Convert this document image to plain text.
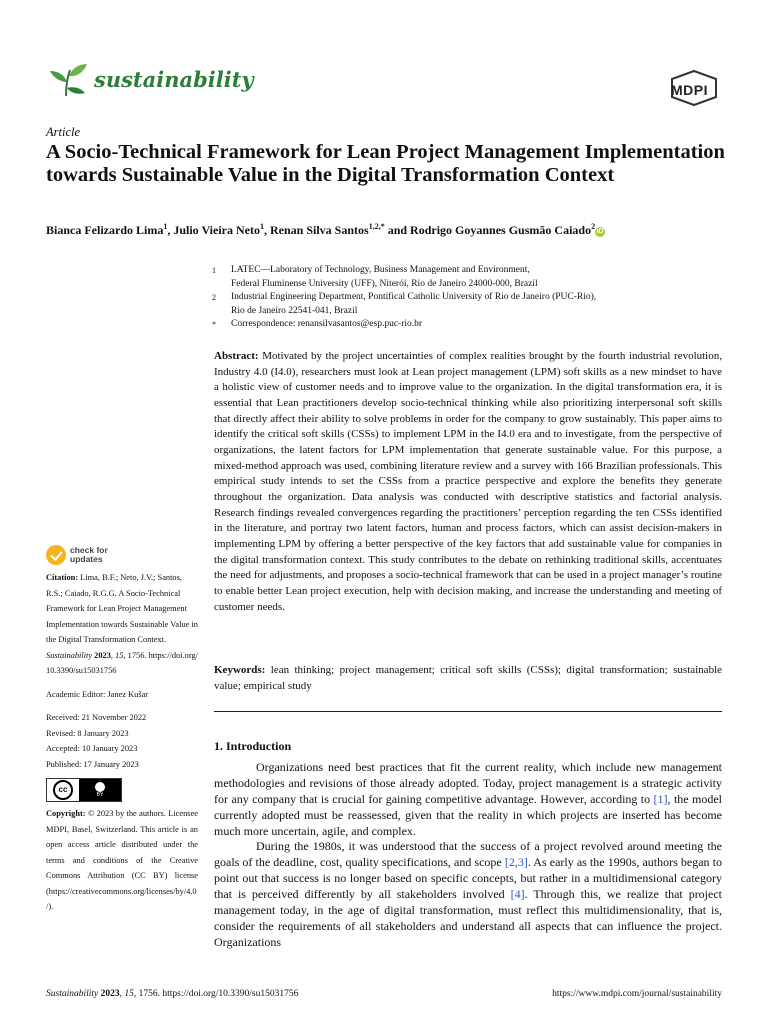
sustainability	MDPI
Article
A Socio-Technical Framework for Lean Project Management Implementation towards Sustainable Value in the Digital Transformation Context
Bianca Felizardo Lima$^1$, Julio Vieira Neto$^1$, Renan Silva Santos$^{1,2,*}$ and Rodrigo Goyannes Gusmão Caiado$^2$iD
1	LATEC—Laboratory of Technology, Business Management and Environment,
Federal Fluminense University (UFF), Niterói, Rio de Janeiro 24000-000, Brazil
2	Industrial Engineering Department, Pontifical Catholic University of Rio de Janeiro (PUC-Rio),
Rio de Janeiro 22541-041, Brazil
*	Correspondence: renansilvasantos@esp.puc-rio.br
Abstract: Motivated by the project uncertainties of complex realities brought by the fourth industrial revolution, Industry 4.0 (I4.0), researchers must look at Lean project management (LPM) soft skills as a new mindset to have a holistic view of customer needs and to improve value to the organization. In the digital transformation era, it is essential that Lean practitioners develop socio-technical thinking while also prioritizing interpersonal soft skills that directly affect their ability to solve problems in order for the company to grow sustainably. This paper aims to identify the critical soft skills (CSSs) to implement LPM in the I4.0 era and to investigate, from the perspective of organizations, the latent factors for LPM implementation that generate sustainable value. For this purpose, a mixed-method approach was used, combining literature review and a survey with 166 Brazilian professionals. This empirical study intends to set the CSSs from a practice perspective and explore the benefits they generate throughout the organization. Data analysis was conducted with descriptive statistics and factorial analysis. Research findings revealed convergences regarding the practitioners’ perception regarding the ten CSSs identified in the literature, and portray two latent factors, human and process factors, which can assist decision-makers in implementing LPM by offering a better perspective of the key factors that add sustainable value for companies in the digital transformation context. This study contributes to the debate on rethinking traditional skills, accentuates the need for adjustments, and proposes a socio-technical framework that can be used in a project manager’s routine to enable better Lean project execution, help with decision making, and increase the understanding and meeting of customer needs.
Keywords: lean thinking; project management; critical soft skills (CSSs); digital transformation; sustainable value; empirical study
check for
updates
Citation: Lima, B.F.; Neto, J.V.; Santos, R.S.; Caiado, R.G.G. A Socio-Technical Framework for Lean Project Management Implementation towards Sustainable Value in the Digital Transformation Context. Sustainability 2023, 15, 1756. https://doi.org/10.3390/su15031756
Academic Editor: Janez Kušar
Received: 21 November 2022
Revised: 8 January 2023
Accepted: 10 January 2023
Published: 17 January 2023
cc
BY
Copyright: © 2023 by the authors. Licensee MDPI, Basel, Switzerland. This article is an open access article distributed under the terms and conditions of the Creative Commons Attribution (CC BY) license (https://creativecommons.org/licenses/by/4.0/).
1. Introduction

Organizations need best practices that fit the current reality, which include new management methodologies and revisions of those already adopted. Today, project management is a strategic activity for any company that is crucial for gaining competitive advantage. However, according to [1], the model currently adopted must be reassessed, given that the reality in which projects are inserted has become much more uncertain, agile, and complex.

During the 1980s, it was understood that the success of a project revolved around meeting the goals of the deadline, cost, quality specifications, and scope [2,3]. As early as the 1990s, authors began to point out that success is no longer based on specific concepts, but rather in a multidimensional category that is perceived differently by all stakeholders involved [4]. Through this, we realize that project management today, in the age of digital transformation, must reflect this multidimensionality, that is, consider the requirements of all stakeholders and understand all aspects that can influence the project. Organizations

Sustainability 2023, 15, 1756. https://doi.org/10.3390/su15031756	https://www.mdpi.com/journal/sustainability
